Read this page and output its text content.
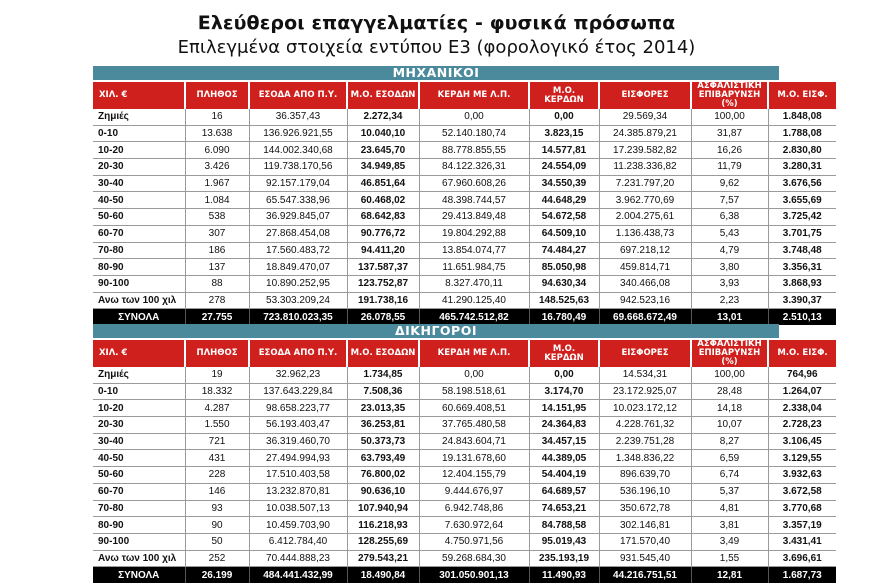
Ελεύθεροι επαγγελματίες - φυσικά πρόσωπα
Επιλεγμένα στοιχεία εντύπου Ε3 (φορολογικό έτος 2014)
ΜΗΧΑΝΙΚΟΙ
ΧΙΛ. €	ΠΛΗΘΟΣ	ΕΣΟΔΑ ΑΠΟ Π.Υ.	Μ.Ο. ΕΣΟΔΩΝ	ΚΕΡΔΗ ΜΕ Λ.Π.	Μ.Ο. ΚΕΡΔΩΝ	ΕΙΣΦΟΡΕΣ	ΑΣΦΑΛΙΣΤΙΚΗ ΕΠΙΒΑΡΥΝΣΗ (%)	Μ.Ο. ΕΙΣΦ.
Ζημιές	16	36.357,43	2.272,34	0,00	0,00	29.569,34	100,00	1.848,08
0-10	13.638	136.926.921,55	10.040,10	52.140.180,74	3.823,15	24.385.879,21	31,87	1.788,08
10-20	6.090	144.002.340,68	23.645,70	88.778.855,55	14.577,81	17.239.582,82	16,26	2.830,80
20-30	3.426	119.738.170,56	34.949,85	84.122.326,31	24.554,09	11.238.336,82	11,79	3.280,31
30-40	1.967	92.157.179,04	46.851,64	67.960.608,26	34.550,39	7.231.797,20	9,62	3.676,56
40-50	1.084	65.547.338,96	60.468,02	48.398.744,57	44.648,29	3.962.770,69	7,57	3.655,69
50-60	538	36.929.845,07	68.642,83	29.413.849,48	54.672,58	2.004.275,61	6,38	3.725,42
60-70	307	27.868.454,08	90.776,72	19.804.292,88	64.509,10	1.136.438,73	5,43	3.701,75
70-80	186	17.560.483,72	94.411,20	13.854.074,77	74.484,27	697.218,12	4,79	3.748,48
80-90	137	18.849.470,07	137.587,37	11.651.984,75	85.050,98	459.814,71	3,80	3.356,31
90-100	88	10.890.252,95	123.752,87	8.327.470,11	94.630,34	340.466,08	3,93	3.868,93
Ανω των 100 χιλ	278	53.303.209,24	191.738,16	41.290.125,40	148.525,63	942.523,16	2,23	3.390,37
ΣΥΝΟΛΑ	27.755	723.810.023,35	26.078,55	465.742.512,82	16.780,49	69.668.672,49	13,01	2.510,13
ΔΙΚΗΓΟΡΟΙ
ΧΙΛ. €	ΠΛΗΘΟΣ	ΕΣΟΔΑ ΑΠΟ Π.Υ.	Μ.Ο. ΕΣΟΔΩΝ	ΚΕΡΔΗ ΜΕ Λ.Π.	Μ.Ο. ΚΕΡΔΩΝ	ΕΙΣΦΟΡΕΣ	ΑΣΦΑΛΙΣΤΙΚΗ ΕΠΙΒΑΡΥΝΣΗ (%)	Μ.Ο. ΕΙΣΦ.
Ζημιές	19	32.962,23	1.734,85	0,00	0,00	14.534,31	100,00	764,96
0-10	18.332	137.643.229,84	7.508,36	58.198.518,61	3.174,70	23.172.925,07	28,48	1.264,07
10-20	4.287	98.658.223,77	23.013,35	60.669.408,51	14.151,95	10.023.172,12	14,18	2.338,04
20-30	1.550	56.193.403,47	36.253,81	37.765.480,58	24.364,83	4.228.761,32	10,07	2.728,23
30-40	721	36.319.460,70	50.373,73	24.843.604,71	34.457,15	2.239.751,28	8,27	3.106,45
40-50	431	27.494.994,93	63.793,49	19.131.678,60	44.389,05	1.348.836,22	6,59	3.129,55
50-60	228	17.510.403,58	76.800,02	12.404.155,79	54.404,19	896.639,70	6,74	3.932,63
60-70	146	13.232.870,81	90.636,10	9.444.676,97	64.689,57	536.196,10	5,37	3.672,58
70-80	93	10.038.507,13	107.940,94	6.942.748,86	74.653,21	350.672,78	4,81	3.770,68
80-90	90	10.459.703,90	116.218,93	7.630.972,64	84.788,58	302.146,81	3,81	3.357,19
90-100	50	6.412.784,40	128.255,69	4.750.971,56	95.019,43	171.570,40	3,49	3.431,41
Ανω των 100 χιλ	252	70.444.888,23	279.543,21	59.268.684,30	235.193,19	931.545,40	1,55	3.696,61
ΣΥΝΟΛΑ	26.199	484.441.432,99	18.490,84	301.050.901,13	11.490,93	44.216.751,51	12,81	1.687,73
